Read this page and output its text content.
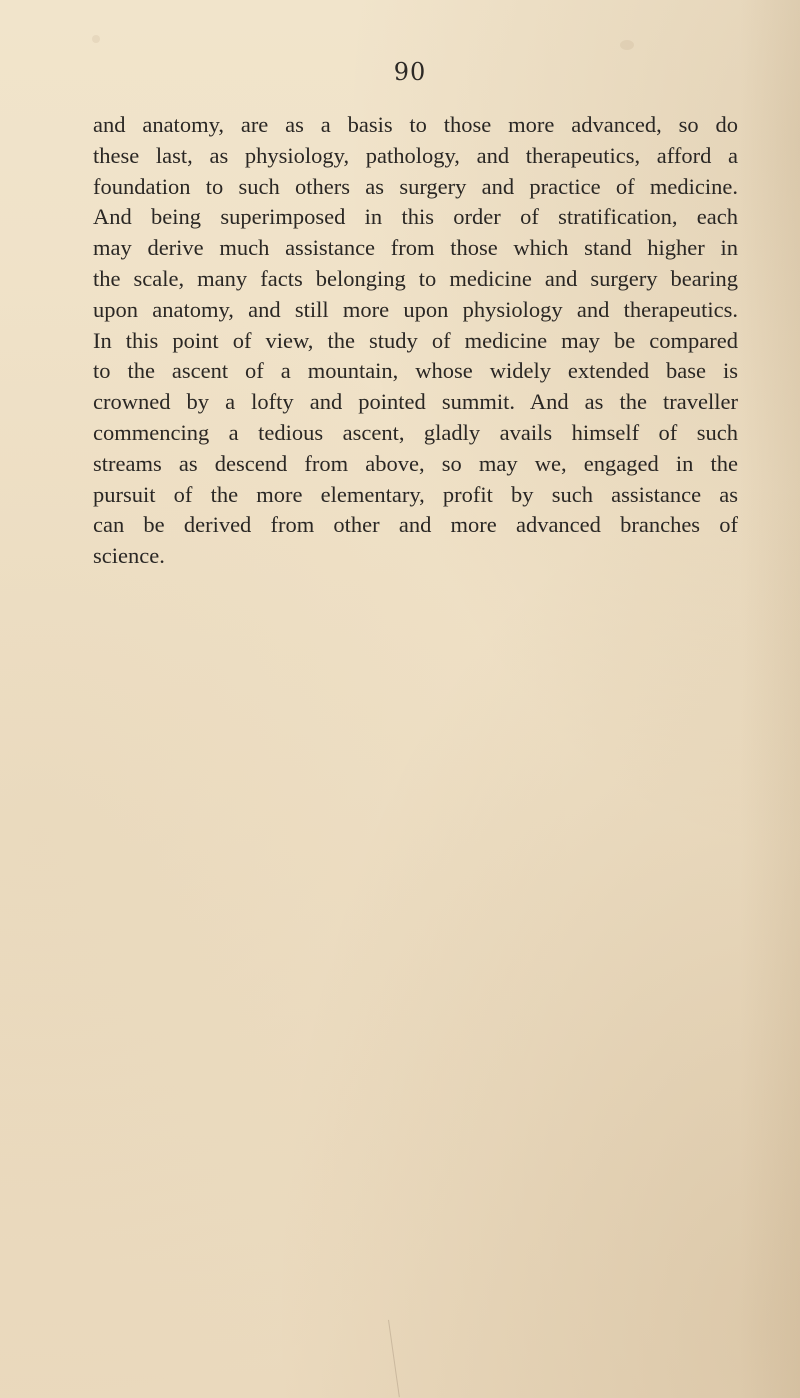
90
and anatomy, are as a basis to those more advanced, so do
these last, as physiology, pathology, and therapeutics, afford a
foundation to such others as surgery and practice of medicine.
And being superimposed in this order of stratification, each
may derive much assistance from those which stand higher in
the scale, many facts belonging to medicine and surgery bearing
upon anatomy, and still more upon physiology and therapeutics.
In this point of view, the study of medicine may be compared
to the ascent of a mountain, whose widely extended base is
crowned by a lofty and pointed summit. And as the traveller
commencing a tedious ascent, gladly avails himself of such
streams as descend from above, so may we, engaged in the
pursuit of the more elementary, profit by such assistance as
can be derived from other and more advanced branches of
science.
